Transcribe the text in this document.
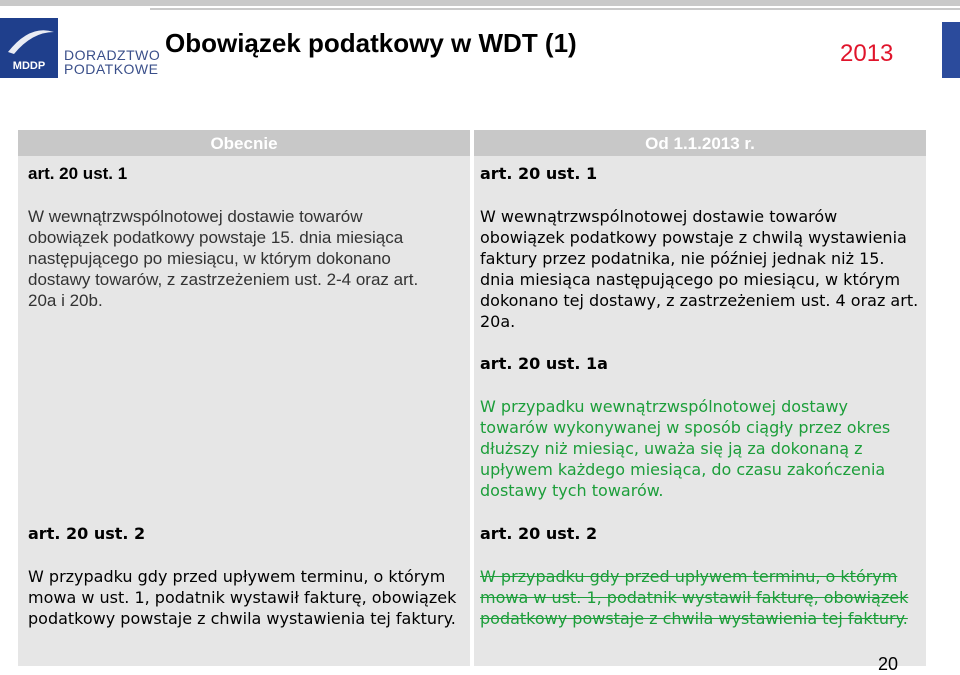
MDDP
DORADZTWO
PODATKOWE
Obowiązek podatkowy w WDT (1)	2013
Obecnie	Od 1.1.2013 r.
art. 20 ust. 1
W wewnątrzwspólnotowej dostawie towarów obowiązek podatkowy powstaje 15. dnia miesiąca następującego po miesiącu, w którym dokonano dostawy towarów, z zastrzeżeniem ust. 2-4 oraz art. 20a i 20b.
art. 20 ust. 2
W przypadku gdy przed upływem terminu, o którym mowa w ust. 1, podatnik wystawił fakturę, obowiązek podatkowy powstaje z chwila wystawienia tej faktury.
art. 20 ust. 1
W wewnątrzwspólnotowej dostawie towarów obowiązek podatkowy powstaje z chwilą wystawienia faktury przez podatnika, nie później jednak niż 15. dnia miesiąca następującego po miesiącu, w którym dokonano tej dostawy, z zastrzeżeniem ust. 4 oraz art. 20a.
art. 20 ust. 1a
W przypadku wewnątrzwspólnotowej dostawy towarów wykonywanej w sposób ciągły przez okres dłuższy niż miesiąc, uważa się ją za dokonaną z upływem każdego miesiąca, do czasu zakończenia dostawy tych towarów.
art. 20 ust. 2
W przypadku gdy przed upływem terminu, o którym mowa w ust. 1, podatnik wystawił fakturę, obowiązek podatkowy powstaje z chwila wystawienia tej faktury.
20
